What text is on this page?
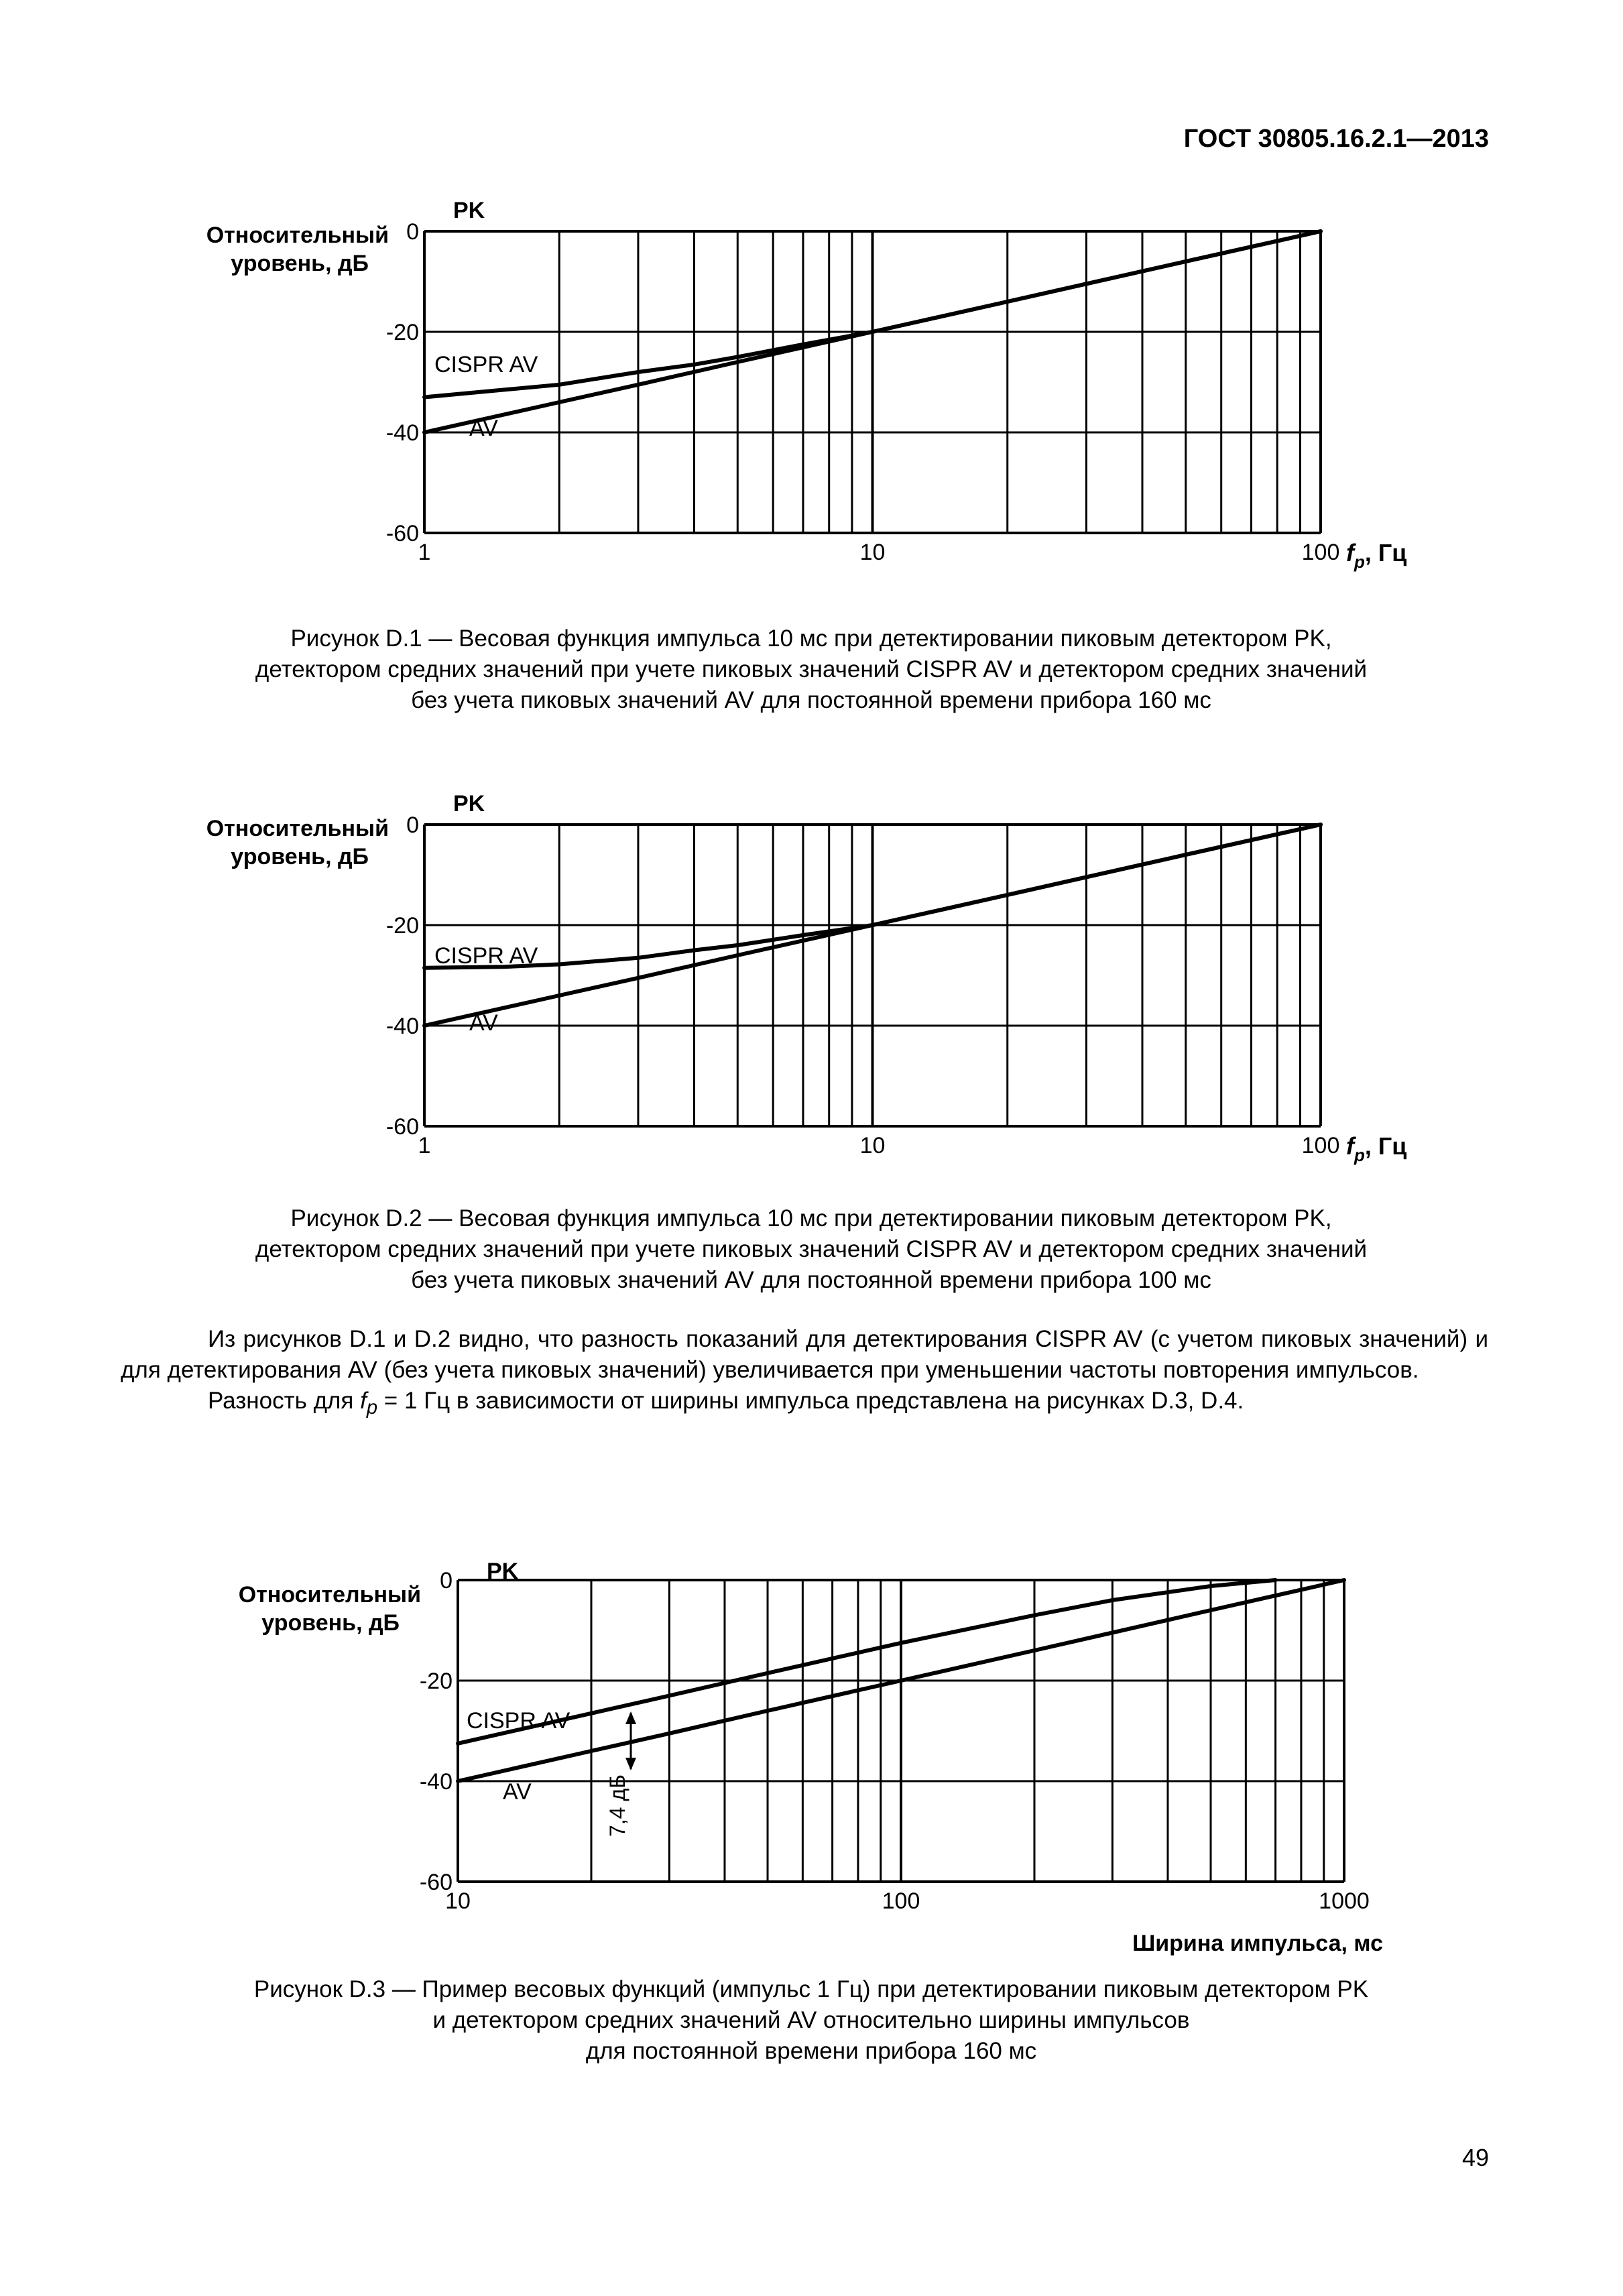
ГОСТ 30805.16.2.1—2013
0
-20
-40
-60
1	10	100
Относительный
уровень, дБ
PK
CISPR AV
AV
$f_p$, Гц
Рисунок D.1 — Весовая функция импульса 10 мс при детектировании пиковым детектором PK,
детектором средних значений при учете пиковых значений CISPR AV и детектором средних значений
без учета пиковых значений AV для постоянной времени прибора 160 мс
0
-20
-40
-60
1	10	100
Относительный
уровень, дБ
PK
CISPR AV
AV
$f_p$, Гц
Рисунок D.2 — Весовая функция импульса 10 мс при детектировании пиковым детектором PK,
детектором средних значений при учете пиковых значений CISPR AV и детектором средних значений
без учета пиковых значений AV для постоянной времени прибора 100 мс

Из рисунков D.1 и D.2 видно, что разность показаний для детектирования CISPR AV (с учетом пиковых значений) и для детектирования AV (без учета пиковых значений) увеличивается при уменьшении частоты повторения импульсов.

Разность для $f_p = 1$ Гц в зависимости от ширины импульса представлена на рисунках D.3, D.4.

0
-20
-40
-60
10	100	1000
Относительный
уровень, дБ
PK
CISPR AV
AV
Ширина импульса, мс
7,4 дБ
Рисунок D.3 — Пример весовых функций (импульс 1 Гц) при детектировании пиковым детектором PK
и детектором средних значений AV относительно ширины импульсов
для постоянной времени прибора 160 мс
49
